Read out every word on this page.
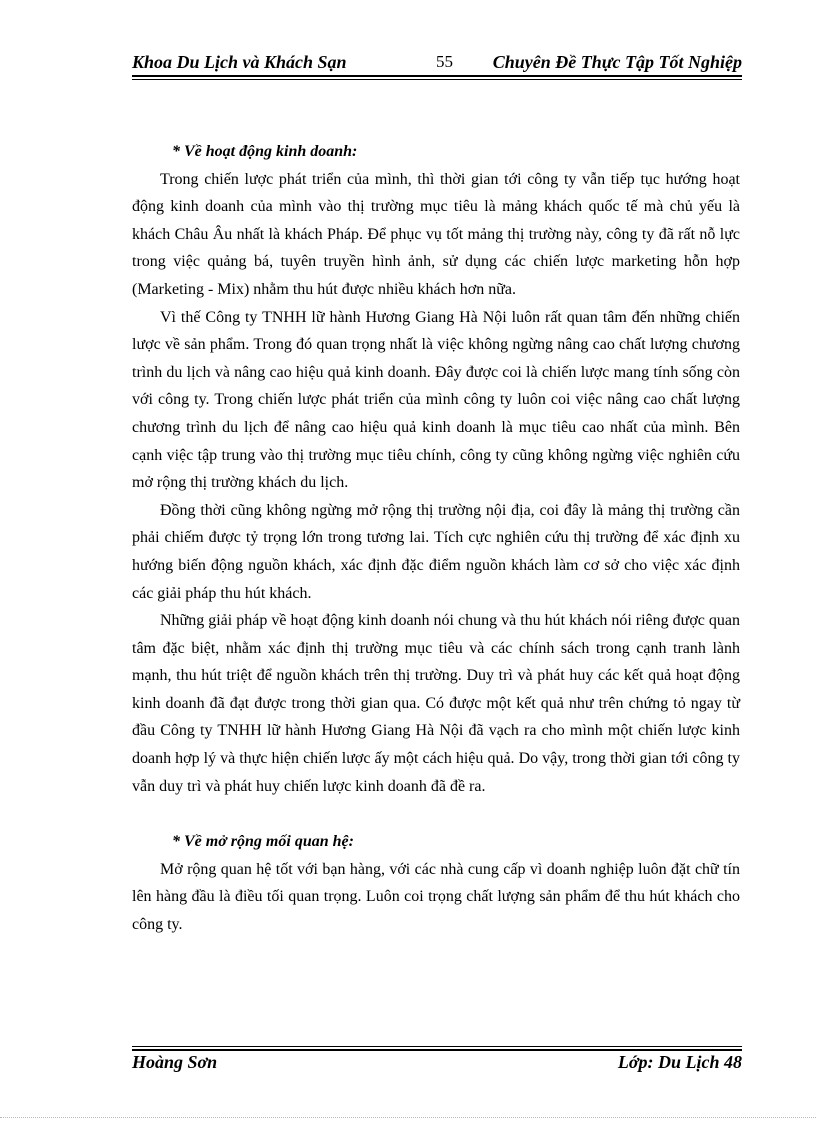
Khoa Du Lịch và Khách Sạn	55 Chuyên Đề Thực Tập Tốt Nghiệp

* Về hoạt động kinh doanh:

Trong chiến lược phát triển của mình, thì thời gian tới công ty vẫn tiếp tục hướng hoạt động kinh doanh của mình vào thị trường mục tiêu là mảng khách quốc tế mà chủ yếu là khách Châu Âu nhất là khách Pháp. Để phục vụ tốt mảng thị trường này, công ty đã rất nỗ lực trong việc quảng bá, tuyên truyền hình ảnh, sử dụng các chiến lược marketing hỗn hợp (Marketing - Mix) nhằm thu hút được nhiều khách hơn nữa.

Vì thế Công ty TNHH lữ hành Hương Giang Hà Nội luôn rất quan tâm đến những chiến lược về sản phẩm. Trong đó quan trọng nhất là việc không ngừng nâng cao chất lượng chương trình du lịch và nâng cao hiệu quả kinh doanh. Đây được coi là chiến lược mang tính sống còn với công ty. Trong chiến lược phát triển của mình công ty luôn coi việc nâng cao chất lượng chương trình du lịch để nâng cao hiệu quả kinh doanh là mục tiêu cao nhất của mình. Bên cạnh việc tập trung vào thị trường mục tiêu chính, công ty cũng không ngừng việc nghiên cứu mở rộng thị trường khách du lịch.

Đồng thời cũng không ngừng mở rộng thị trường nội địa, coi đây là mảng thị trường cần phải chiếm được tỷ trọng lớn trong tương lai. Tích cực nghiên cứu thị trường để xác định xu hướng biến động nguồn khách, xác định đặc điểm nguồn khách làm cơ sở cho việc xác định các giải pháp thu hút khách.

Những giải pháp về hoạt động kinh doanh nói chung và thu hút khách nói riêng được quan tâm đặc biệt, nhằm xác định thị trường mục tiêu và các chính sách trong cạnh tranh lành mạnh, thu hút triệt để nguồn khách trên thị trường. Duy trì và phát huy các kết quả hoạt động kinh doanh đã đạt được trong thời gian qua. Có được một kết quả như trên chứng tỏ ngay từ đầu Công ty TNHH lữ hành Hương Giang Hà Nội đã vạch ra cho mình một chiến lược kinh doanh hợp lý và thực hiện chiến lược ấy một cách hiệu quả. Do vậy, trong thời gian tới công ty vẫn duy trì và phát huy chiến lược kinh doanh đã đề ra.

* Về mở rộng mối quan hệ:

Mở rộng quan hệ tốt với bạn hàng, với các nhà cung cấp vì doanh nghiệp luôn đặt chữ tín lên hàng đầu là điều tối quan trọng. Luôn coi trọng chất lượng sản phẩm để thu hút khách cho công ty.

Hoàng Sơn	Lớp: Du Lịch 48
